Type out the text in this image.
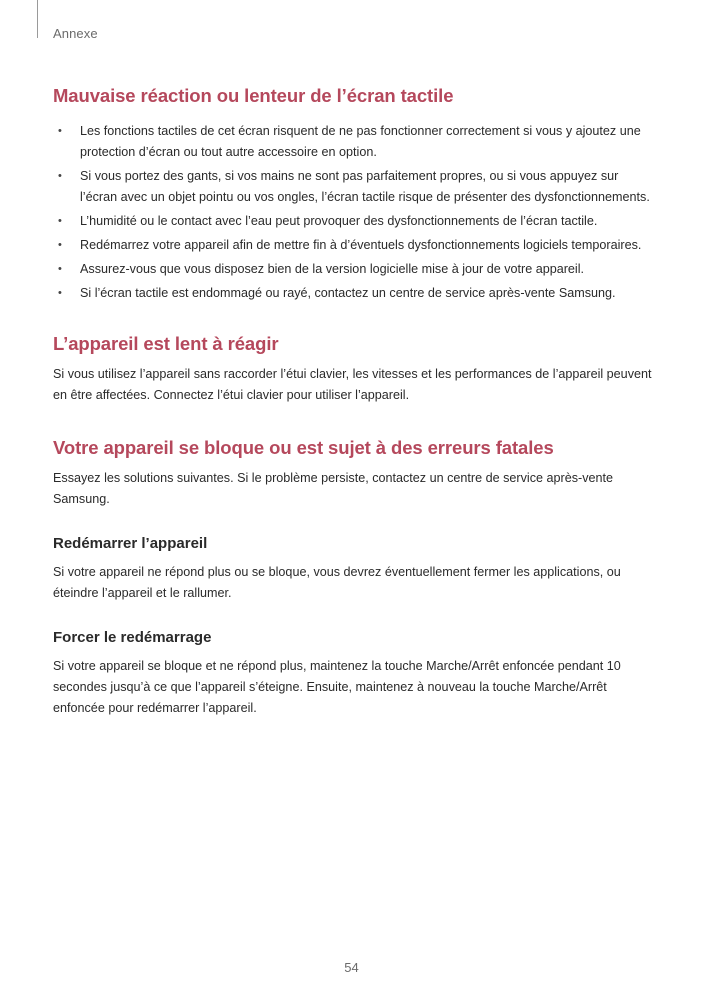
Annexe
Mauvaise réaction ou lenteur de l’écran tactile
• Les fonctions tactiles de cet écran risquent de ne pas fonctionner correctement si vous y ajoutez une protection d’écran ou tout autre accessoire en option.
• Si vous portez des gants, si vos mains ne sont pas parfaitement propres, ou si vous appuyez sur l’écran avec un objet pointu ou vos ongles, l’écran tactile risque de présenter des dysfonctionnements.
• L’humidité ou le contact avec l’eau peut provoquer des dysfonctionnements de l’écran tactile.
• Redémarrez votre appareil afin de mettre fin à d’éventuels dysfonctionnements logiciels temporaires.
• Assurez-vous que vous disposez bien de la version logicielle mise à jour de votre appareil.
• Si l’écran tactile est endommagé ou rayé, contactez un centre de service après-vente Samsung.
L’appareil est lent à réagir

Si vous utilisez l’appareil sans raccorder l’étui clavier, les vitesses et les performances de l’appareil peuvent en être affectées. Connectez l’étui clavier pour utiliser l’appareil.

Votre appareil se bloque ou est sujet à des erreurs fatales

Essayez les solutions suivantes. Si le problème persiste, contactez un centre de service après-vente Samsung.

Redémarrer l’appareil

Si votre appareil ne répond plus ou se bloque, vous devrez éventuellement fermer les applications, ou éteindre l’appareil et le rallumer.

Forcer le redémarrage

Si votre appareil se bloque et ne répond plus, maintenez la touche Marche/Arrêt enfoncée pendant 10 secondes jusqu’à ce que l’appareil s’éteigne. Ensuite, maintenez à nouveau la touche Marche/Arrêt enfoncée pour redémarrer l’appareil.

54
